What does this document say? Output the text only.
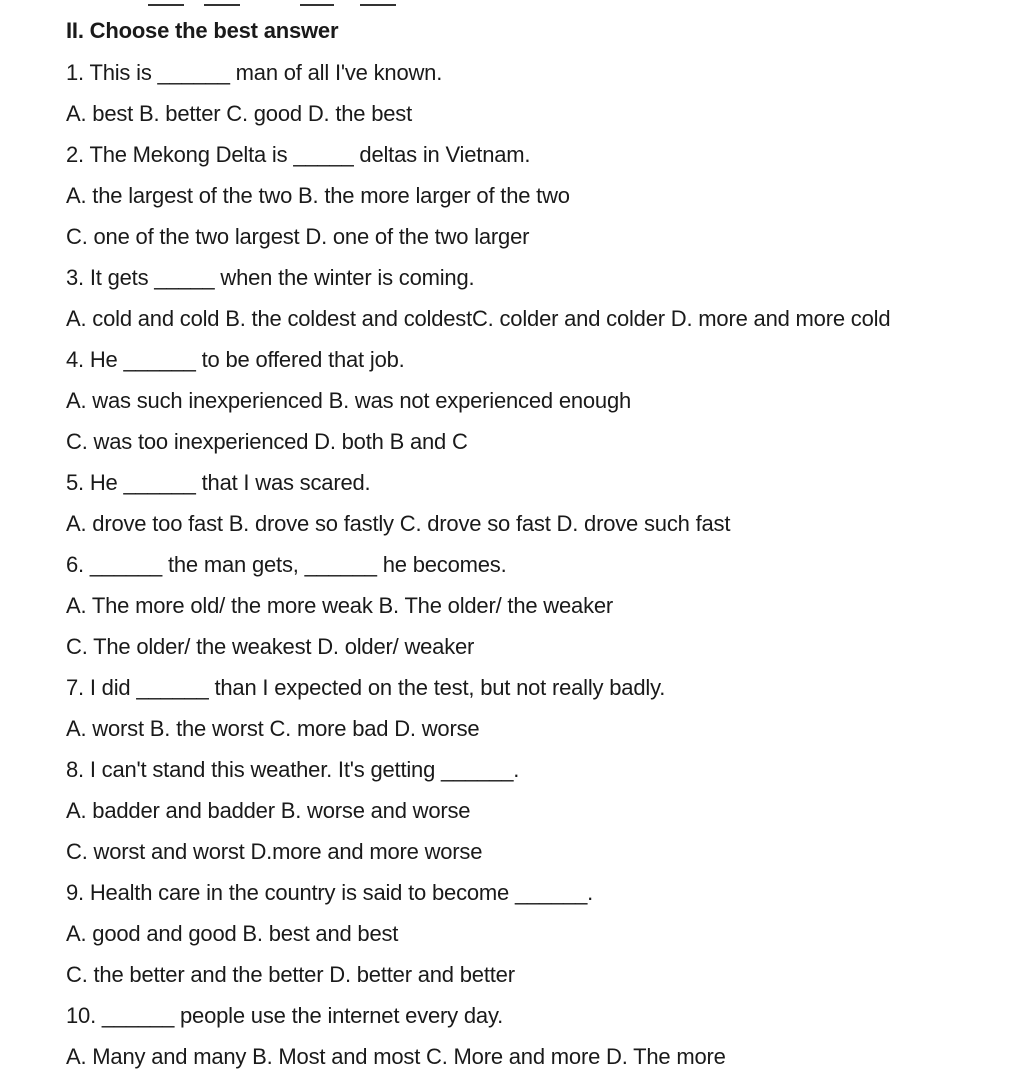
II. Choose the best answer
1. This is ______ man of all I've known.
A. best B. better C. good D. the best
2. The Mekong Delta is _____ deltas in Vietnam.
A. the largest of the two B. the more larger of the two
C. one of the two largest D. one of the two larger
3. It gets _____ when the winter is coming.
A. cold and cold B. the coldest and coldestC. colder and colder D. more and more cold
4. He ______ to be offered that job.
A. was such inexperienced B. was not experienced enough
C. was too inexperienced D. both B and C
5. He ______ that I was scared.
A. drove too fast B. drove so fastly C. drove so fast D. drove such fast
6. ______ the man gets, ______ he becomes.
A. The more old/ the more weak B. The older/ the weaker
C. The older/ the weakest D. older/ weaker
7. I did ______ than I expected on the test, but not really badly.
A. worst B. the worst C. more bad D. worse
8. I can't stand this weather. It's getting ______.
A. badder and badder B. worse and worse
C. worst and worst D.more and more worse
9. Health care in the country is said to become ______.
A. good and good B. best and best
C. the better and the better D. better and better
10. ______ people use the internet every day.
A. Many and many B. Most and most C. More and more D. The more
